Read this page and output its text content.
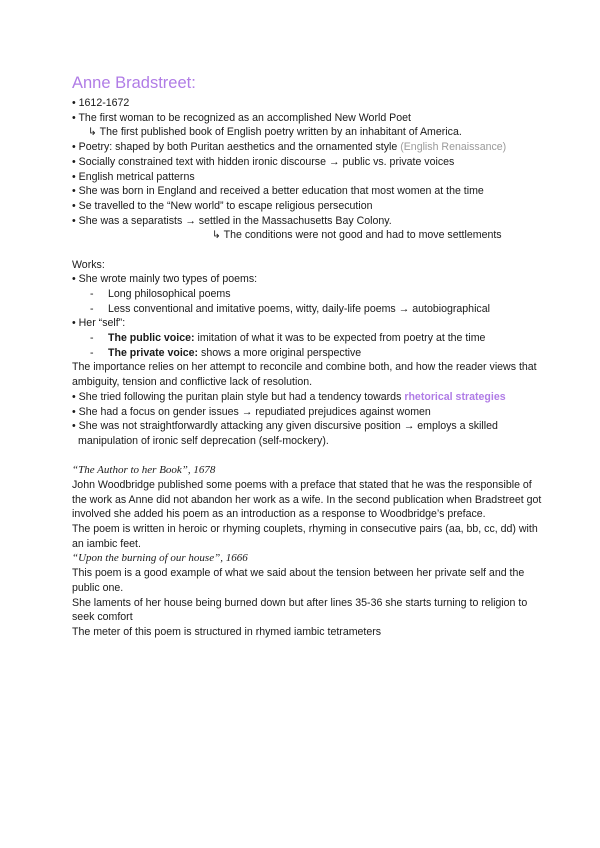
Anne Bradstreet:
• 1612-1672
• The first woman to be recognized as an accomplished New World Poet
↳ The first published book of English poetry written by an inhabitant of America.
• Poetry: shaped by both Puritan aesthetics and the ornamented style (English Renaissance)
• Socially constrained text with hidden ironic discourse → public vs. private voices
• English metrical patterns
• She was born in England and received a better education that most women at the time
• Se travelled to the “New world” to escape religious persecution
• She was a separatists → settled in the Massachusetts Bay Colony.
↳ The conditions were not good and had to move settlements
Works:
• She wrote mainly two types of poems:
- Long philosophical poems
- Less conventional and imitative poems, witty, daily-life poems → autobiographical
• Her “self”:
- The public voice: imitation of what it was to be expected from poetry at the time
- The private voice: shows a more original perspective
The importance relies on her attempt to reconcile and combine both, and how the reader views that ambiguity, tension and conflictive lack of resolution.
• She tried following the puritan plain style but had a tendency towards rhetorical strategies
• She had a focus on gender issues → repudiated prejudices against women
• She was not straightforwardly attacking any given discursive position → employs a skilled
manipulation of ironic self deprecation (self-mockery).
“The Author to her Book”, 1678
John Woodbridge published some poems with a preface that stated that he was the responsible of the work as Anne did not abandon her work as a wife. In the second publication when Bradstreet got involved she added his poem as an introduction as a response to Woodbridge’s preface.
The poem is written in heroic or rhyming couplets, rhyming in consecutive pairs (aa, bb, cc, dd) with an iambic feet.
“Upon the burning of our house”, 1666
This poem is a good example of what we said about the tension between her private self and the public one.
She laments of her house being burned down but after lines 35-36 she starts turning to religion to seek comfort
The meter of this poem is structured in rhymed iambic tetrameters
